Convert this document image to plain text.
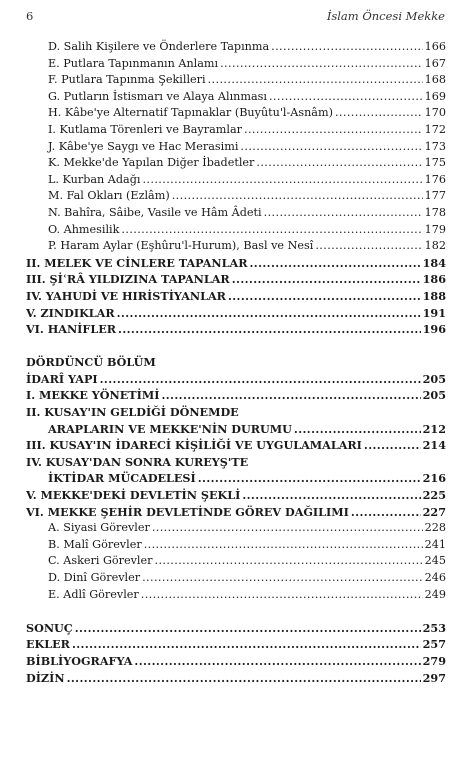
6	İslam Öncesi Mekke
D. Salih Kişilere ve Önderlere Tapınma .....	166
E. Putlara Tapınmanın Anlamı .....	167
F. Putlara Tapınma Şekilleri .....	168
G. Putların İstismarı ve Alaya Alınması .....	169
H. Kâbe'ye Alternatif Tapınaklar (Buyûtu'l-Asnâm) .....	170
I. Kutlama Törenleri ve Bayramlar .....	172
J. Kâbe'ye Saygı ve Hac Merasimi .....	173
K. Mekke'de Yapılan Diğer İbadetler .....	175
L. Kurban Adağı .....	176
M. Fal Okları (Ezlâm) .....	177
N. Bahîra, Sâibe, Vasile ve Hâm Âdeti .....	178
O. Ahmesilik .....	179
P. Haram Aylar (Eşhûru'l-Hurum), Basl ve Nesî .....	182
II. MELEK VE CİNLERE TAPANLAR .....	184
III. ŞİʿRÂ YILDIZINA TAPANLAR .....	186
IV. YAHUDİ VE HIRİSTİYANLAR .....	188
V. ZINDIKLAR .....	191
VI. HANİFLER .....	196
DÖRDÜNCÜ BÖLÜM
İDARÎ YAPI .....	205
I. MEKKE YÖNETİMİ .....	205
II. KUSAY'IN GELDİĞİ DÖNEMDE
ARAPLARIN VE MEKKE'NİN DURUMU .....	212
III. KUSAY'IN İDARECİ KİŞİLİĞİ VE UYGULAMALARI .....	214
IV. KUSAY'DAN SONRA KUREYŞ'TE
İKTİDAR MÜCADELESİ .....	216
V. MEKKE'DEKİ DEVLETİN ŞEKLİ .....	225
VI. MEKKE ŞEHİR DEVLETİNDE GÖREV DAĞILIMI .....	227
A. Siyasi Görevler .....	228
B. Malî Görevler .....	241
C. Askeri Görevler .....	245
D. Dinî Görevler .....	246
E. Adlî Görevler .....	249
SONUÇ .....	253
EKLER .....	257
BİBLİYOGRAFYA .....	279
DİZİN .....	297
